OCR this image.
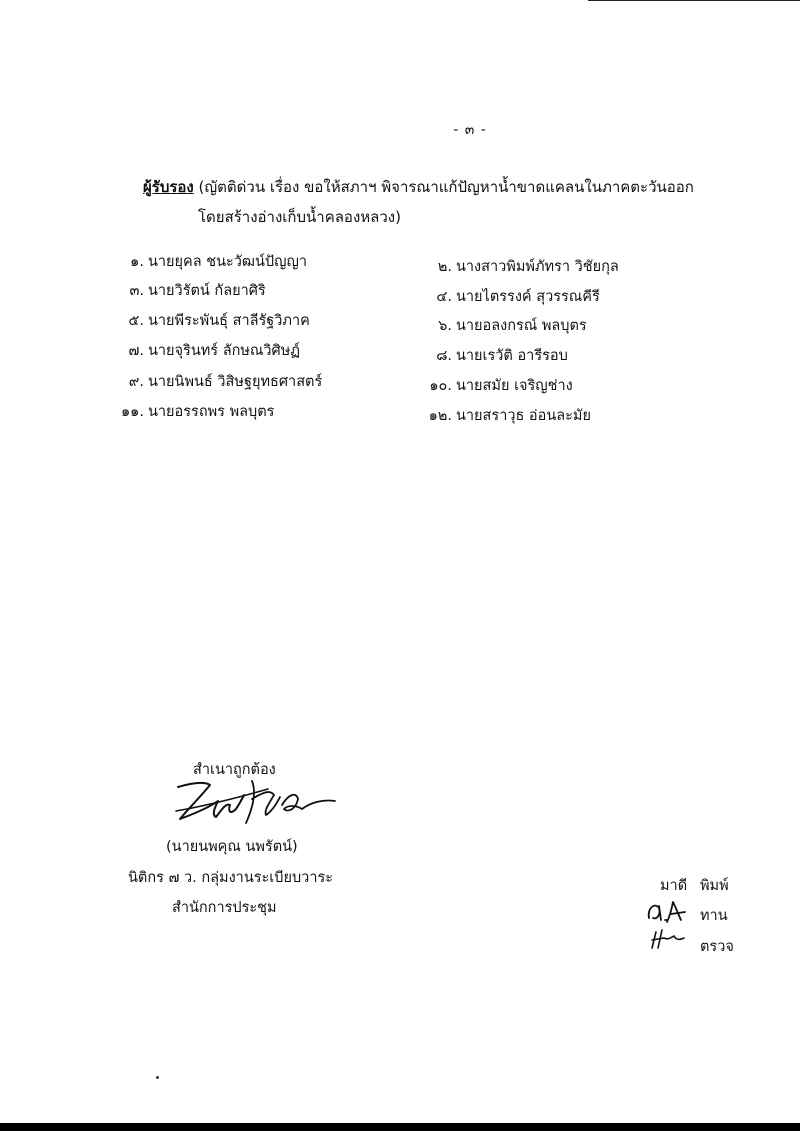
- ๓ -
ผู้รับรอง (ญัตติด่วน เรื่อง ขอให้สภาฯ พิจารณาแก้ปัญหาน้ำขาดแคลนในภาคตะวันออก
โดยสร้างอ่างเก็บน้ำคลองหลวง)
๑. นายยุคล ชนะวัฒน์ปัญญา
๓. นายวิรัตน์ กัลยาศิริ
๕. นายพีระพันธุ์ สาลีรัฐวิภาค
๗. นายจุรินทร์ ลักษณวิศิษฏ์
๙. นายนิพนธ์ วิสิษฐยุทธศาสตร์
๑๑. นายอรรถพร พลบุตร
๒. นางสาวพิมพ์ภัทรา วิชัยกุล
๔. นายไตรรงค์ สุวรรณคีรี
๖. นายอลงกรณ์ พลบุตร
๘. นายเรวัติ อารีรอบ
๑๐. นายสมัย เจริญช่าง
๑๒. นายสราวุธ อ่อนละมัย
สำเนาถูกต้อง
(นายนพคุณ นพรัตน์)
นิติกร ๗ ว. กลุ่มงานระเบียบวาระ
สำนักการประชุม
มาดี พิมพ์
ทาน
ตรวจ
